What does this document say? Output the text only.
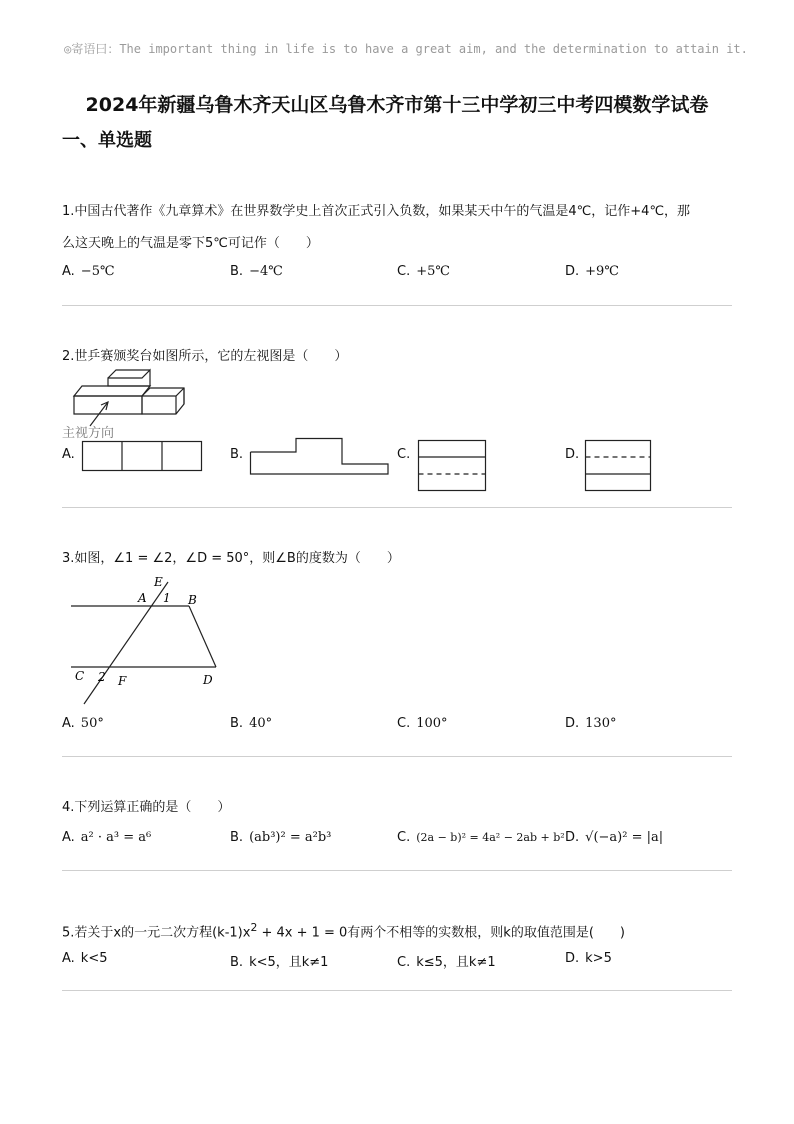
◎寄语曰：The important thing in life is to have a great aim, and the determination to attain it.
2024年新疆乌鲁木齐天山区乌鲁木齐市第十三中学初三中考四模数学试卷
一、单选题
1.中国古代著作《九章算术》在世界数学史上首次正式引入负数，如果某天中午的气温是4℃，记作+4℃，那
么这天晚上的气温是零下5℃可记作（　　）
A. −5℃	B. −4℃	C. +5℃	D. +9℃
2.世乒赛颁奖台如图所示，它的左视图是（　　）
主视方向
A.	B.	C.	D.
3.如图，∠1 = ∠2，∠D = 50°，则∠B的度数为（　　）
E
A 1 B
C 2 F	D
A. 50°	B. 40°	C. 100°	D. 130°
4.下列运算正确的是（　　）
A. a² · a³ = a⁶	B. (ab³)² = a²b³	C. (2a − b)² = 4a² − 2ab + b² D. √(−a)² = |a|
5.若关于x的一元二次方程$(k-1)x^2 + 4x + 1 = 0$有两个不相等的实数根，则k的取值范围是(　　)
A. k<5	B. k<5，且k≠1	C. k≤5，且k≠1	D. k>5
